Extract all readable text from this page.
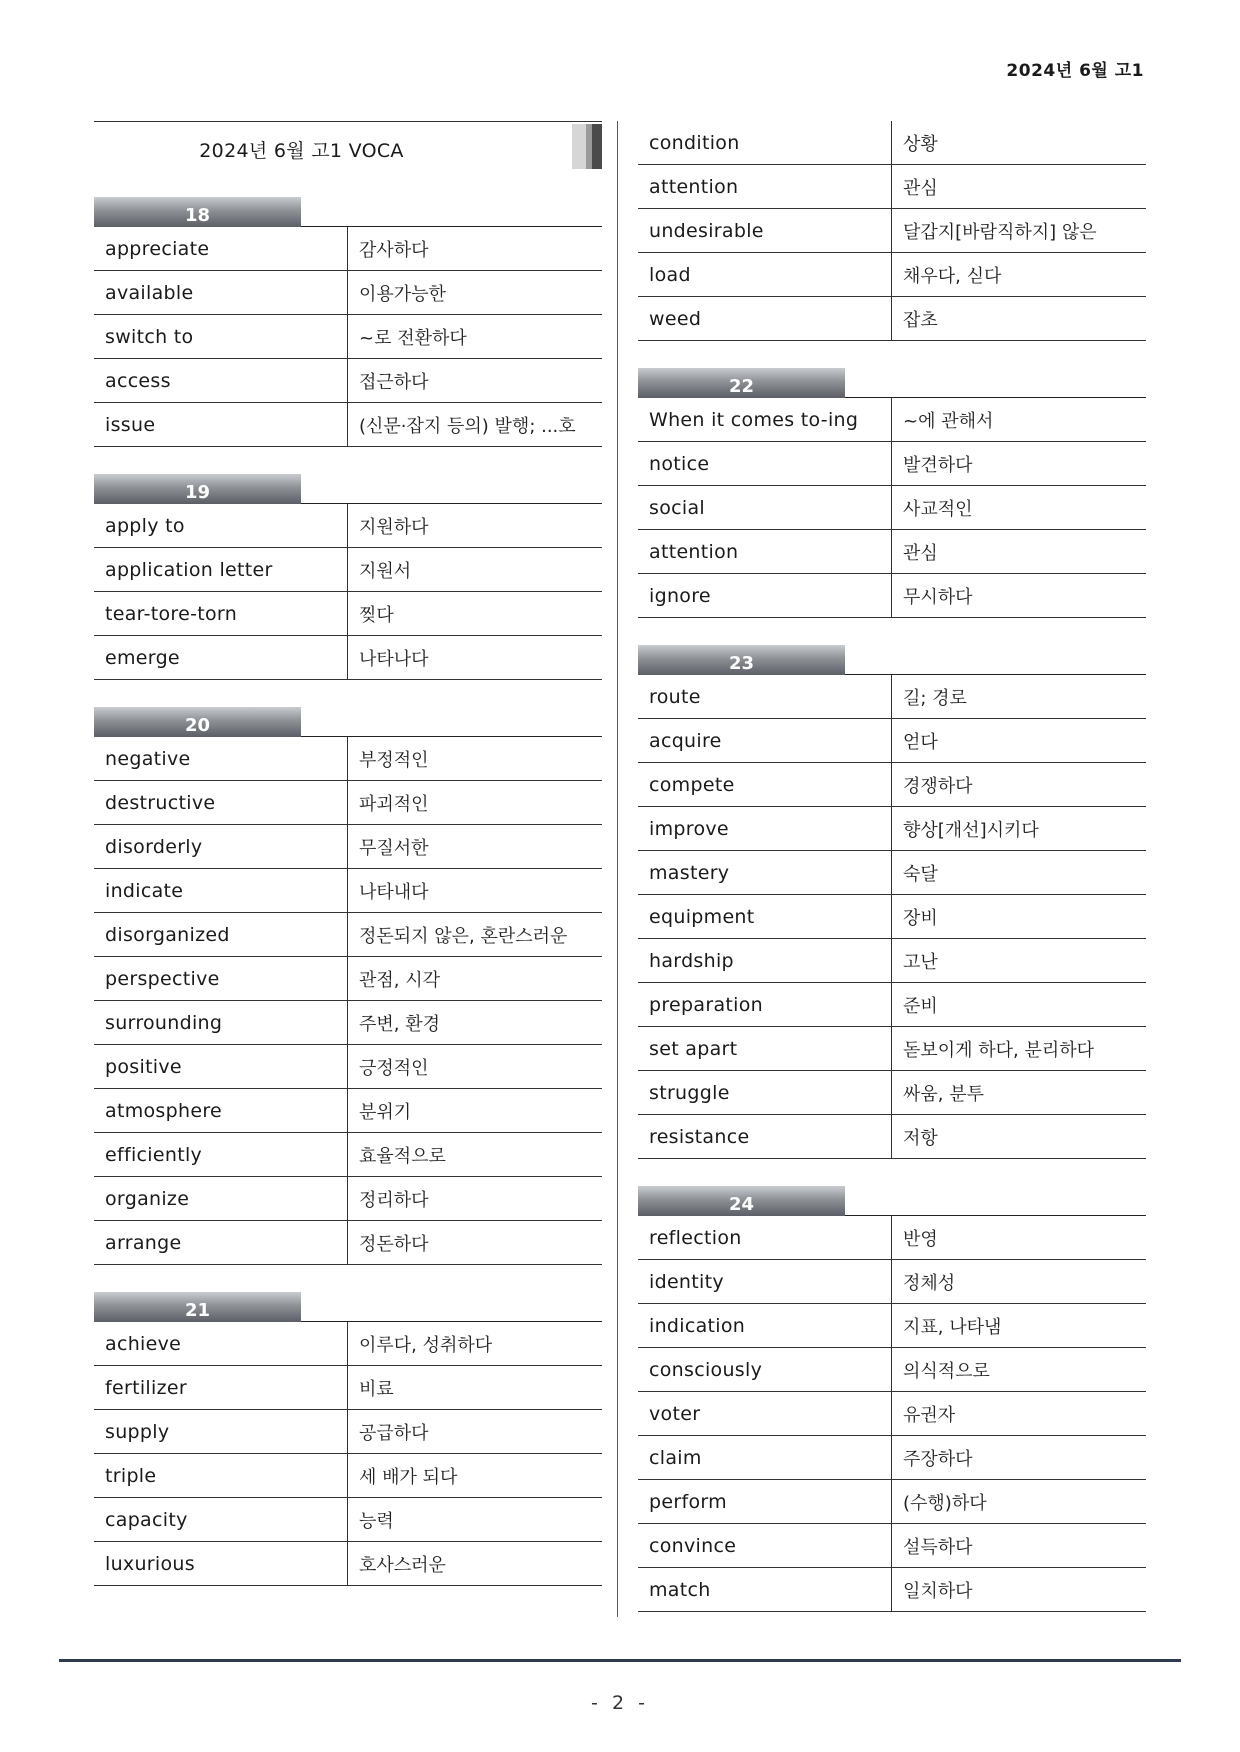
2024년 6월 고1
2024년 6월 고1 VOCA
18
appreciate	감사하다
available	이용가능한
switch to	~로 전환하다
access	접근하다
issue	(신문·잡지 등의) 발행; ...호
19
apply to	지원하다
application letter	지원서
tear-tore-torn	찢다
emerge	나타나다
20
negative	부정적인
destructive	파괴적인
disorderly	무질서한
indicate	나타내다
disorganized	정돈되지 않은, 혼란스러운
perspective	관점, 시각
surrounding	주변, 환경
positive	긍정적인
atmosphere	분위기
efficiently	효율적으로
organize	정리하다
arrange	정돈하다
21
achieve	이루다, 성취하다
fertilizer	비료
supply	공급하다
triple	세 배가 되다
capacity	능력
luxurious	호사스러운
condition	상황
attention	관심
undesirable	달갑지[바람직하지] 않은
load	채우다, 싣다
weed	잡초
22
When it comes to-ing	~에 관해서
notice	발견하다
social	사교적인
attention	관심
ignore	무시하다
23
route	길; 경로
acquire	얻다
compete	경쟁하다
improve	향상[개선]시키다
mastery	숙달
equipment	장비
hardship	고난
preparation	준비
set apart	돋보이게 하다, 분리하다
struggle	싸움, 분투
resistance	저항
24
reflection	반영
identity	정체성
indication	지표, 나타냄
consciously	의식적으로
voter	유권자
claim	주장하다
perform	(수행)하다
convince	설득하다
match	일치하다
- 2 -
